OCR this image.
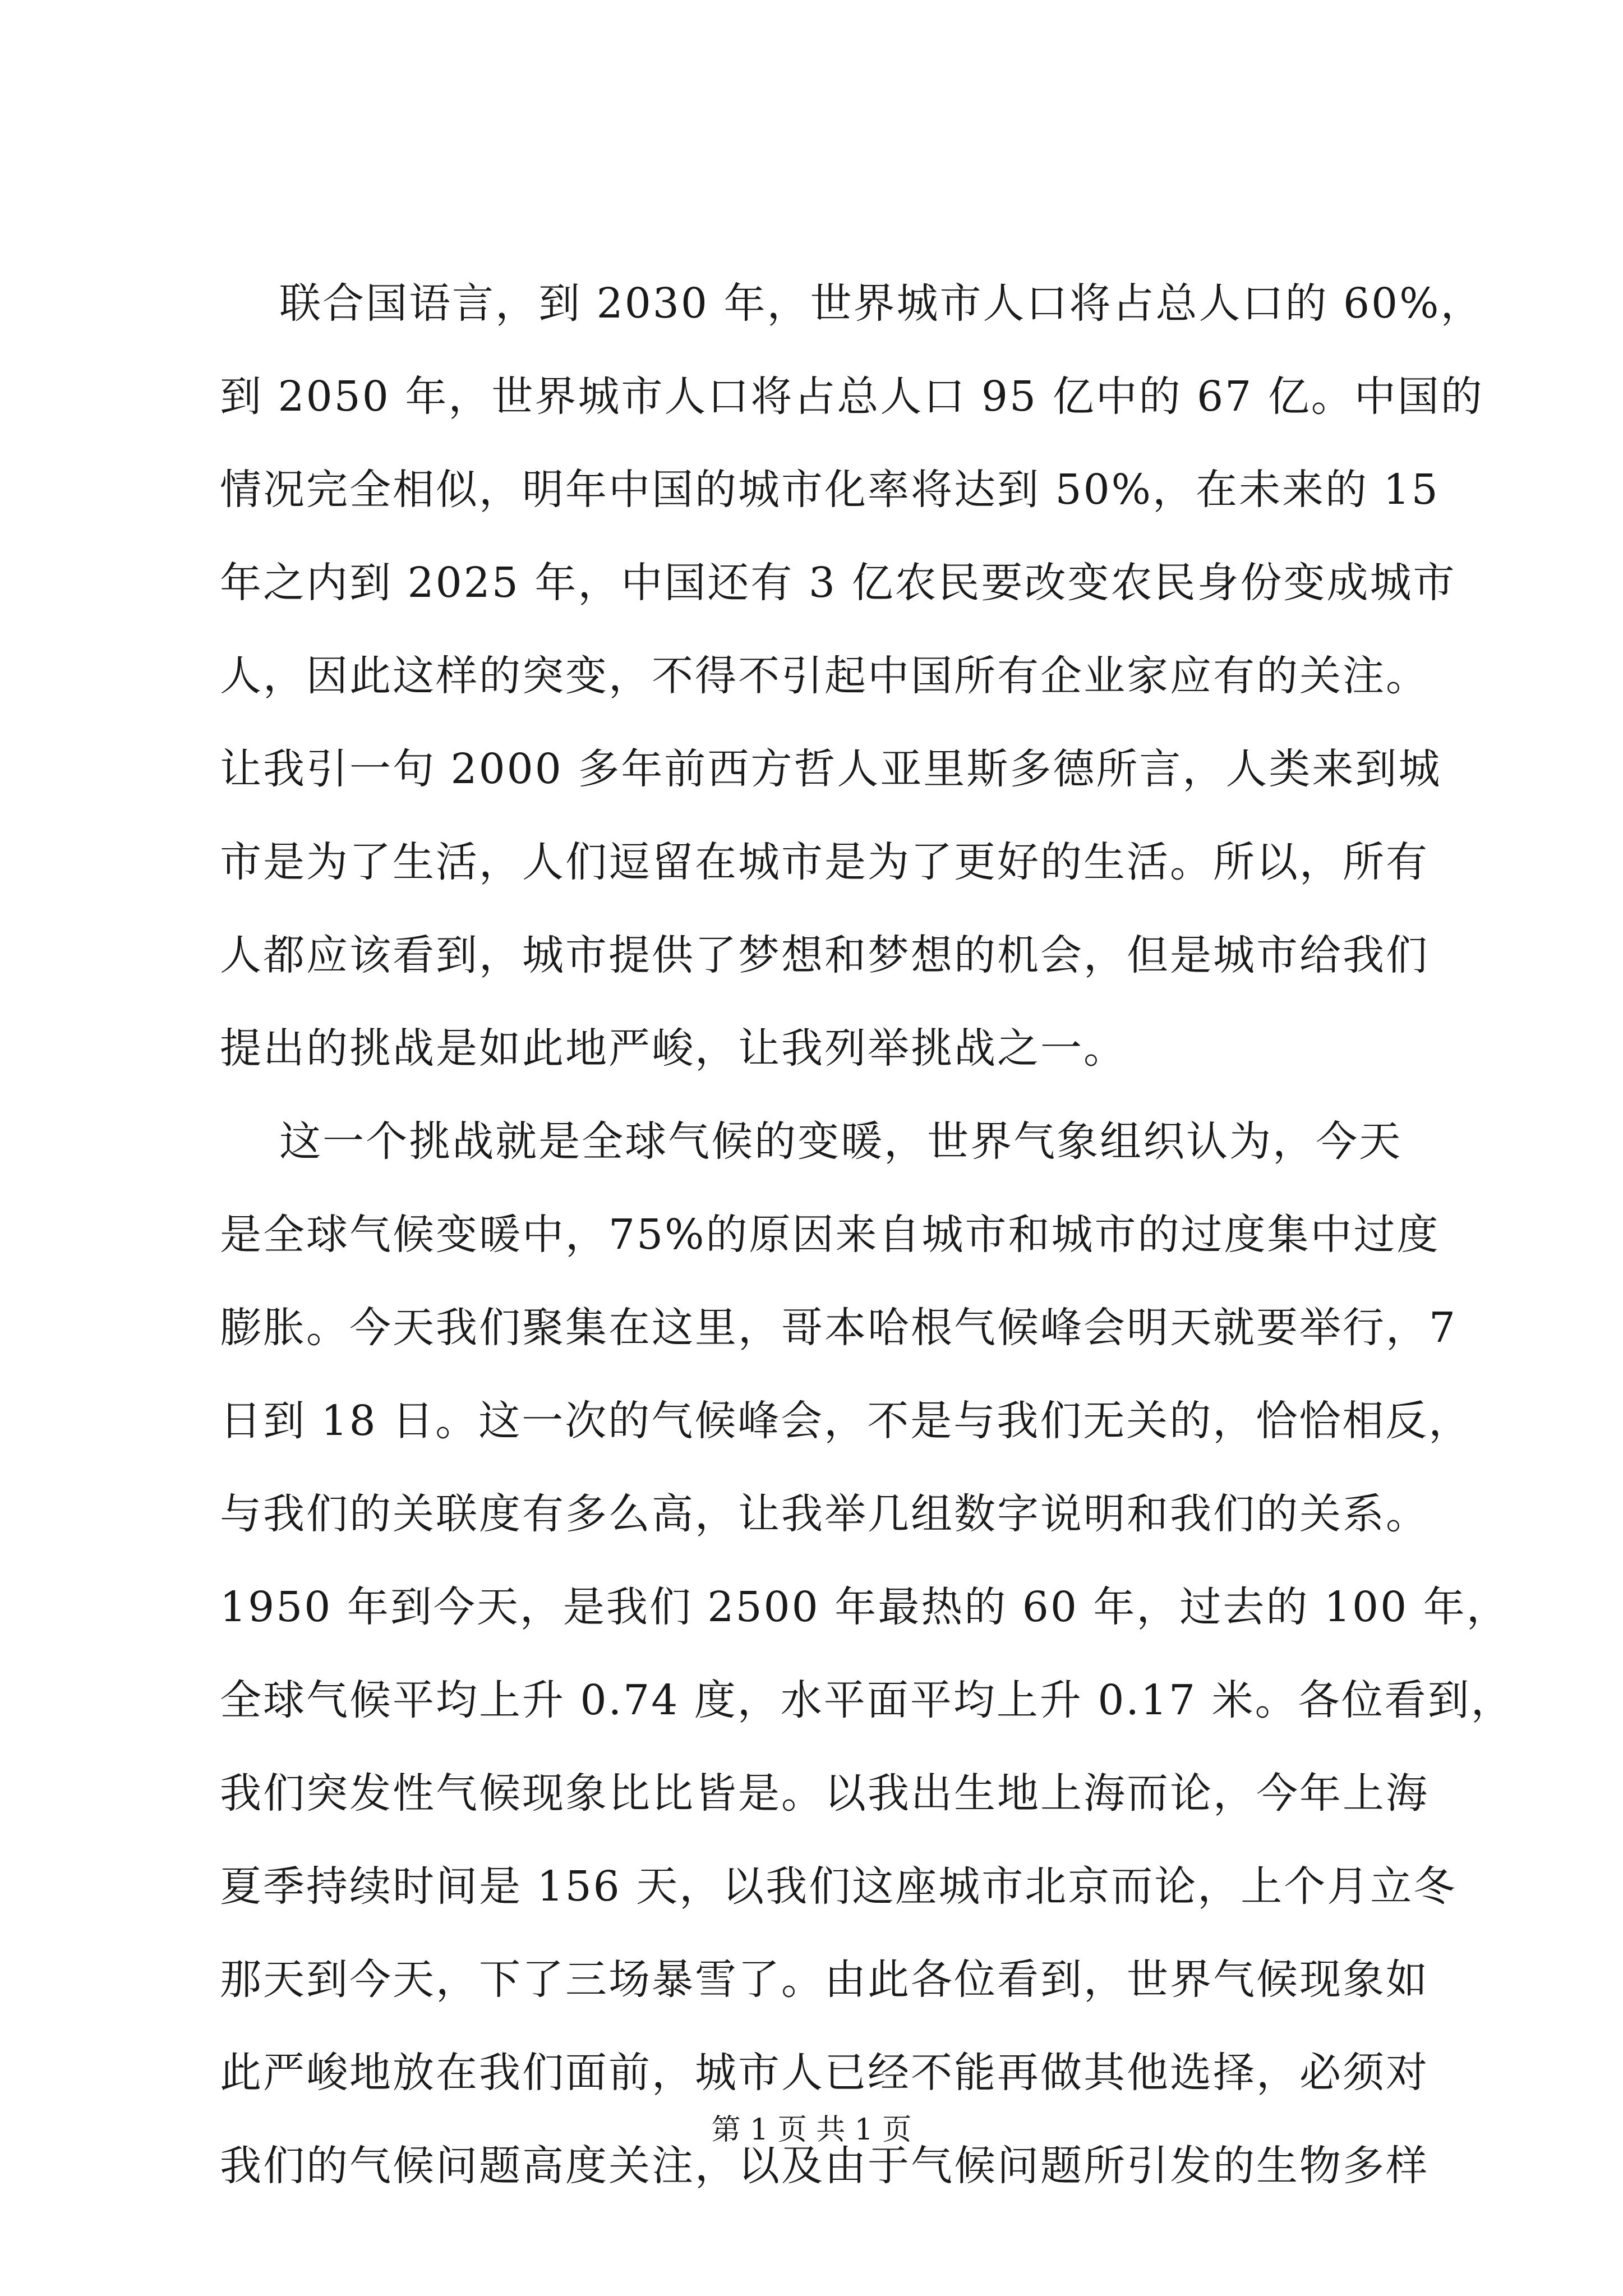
联合国语言，到 2030 年，世界城市人口将占总人口的 60%，
到 2050 年，世界城市人口将占总人口 95 亿中的 67 亿。中国的
情况完全相似，明年中国的城市化率将达到 50%，在未来的 15
年之内到 2025 年，中国还有 3 亿农民要改变农民身份变成城市
人，因此这样的突变，不得不引起中国所有企业家应有的关注。
让我引一句 2000 多年前西方哲人亚里斯多德所言，人类来到城
市是为了生活，人们逗留在城市是为了更好的生活。所以，所有
人都应该看到，城市提供了梦想和梦想的机会，但是城市给我们
提出的挑战是如此地严峻，让我列举挑战之一。
这一个挑战就是全球气候的变暖，世界气象组织认为，今天
是全球气候变暖中，75%的原因来自城市和城市的过度集中过度
膨胀。今天我们聚集在这里，哥本哈根气候峰会明天就要举行，7
日到 18 日。这一次的气候峰会，不是与我们无关的，恰恰相反，
与我们的关联度有多么高，让我举几组数字说明和我们的关系。
1950 年到今天，是我们 2500 年最热的 60 年，过去的 100 年，
全球气候平均上升 0.74 度，水平面平均上升 0.17 米。各位看到，
我们突发性气候现象比比皆是。以我出生地上海而论，今年上海
夏季持续时间是 156 天，以我们这座城市北京而论，上个月立冬
那天到今天，下了三场暴雪了。由此各位看到，世界气候现象如
此严峻地放在我们面前，城市人已经不能再做其他选择，必须对
我们的气候问题高度关注，以及由于气候问题所引发的生物多样
第 1 页 共 1 页
